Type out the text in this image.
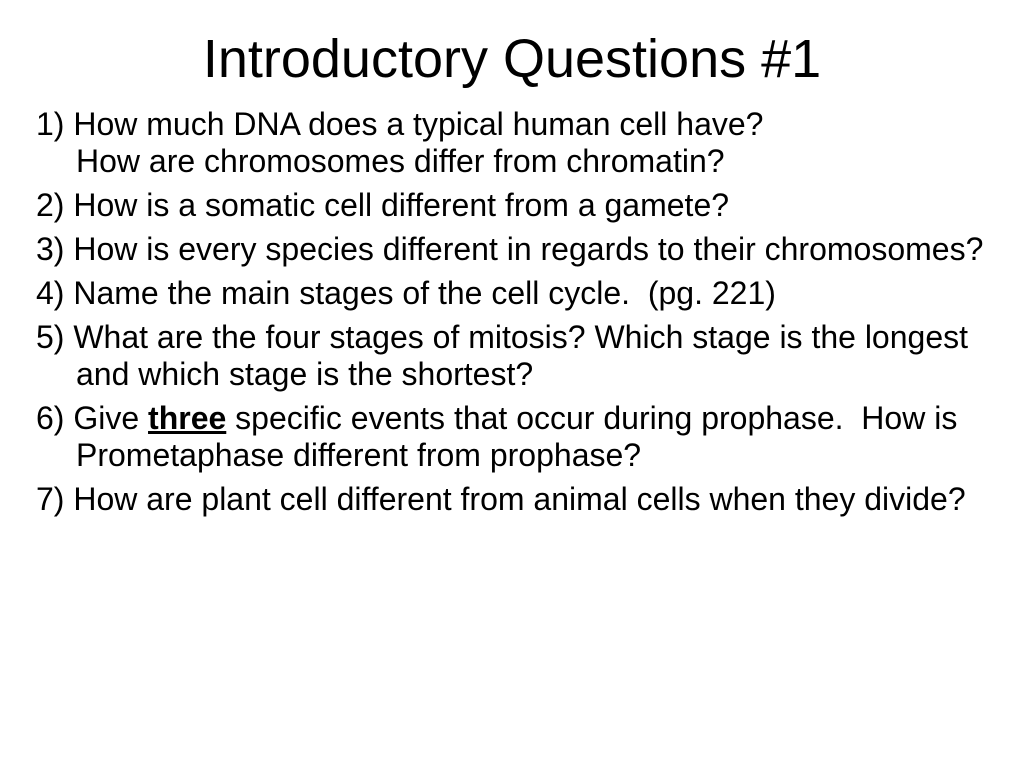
Introductory Questions #1
1) How much DNA does a typical human cell have?
How are chromosomes differ from chromatin?
2) How is a somatic cell different from a gamete?
3) How is every species different in regards to their chromosomes?
4) Name the main stages of the cell cycle.  (pg. 221)
5) What are the four stages of mitosis? Which stage is the longest and which stage is the shortest?
6) Give three specific events that occur during prophase.  How is Prometaphase different from prophase?
7) How are plant cell different from animal cells when they divide?
